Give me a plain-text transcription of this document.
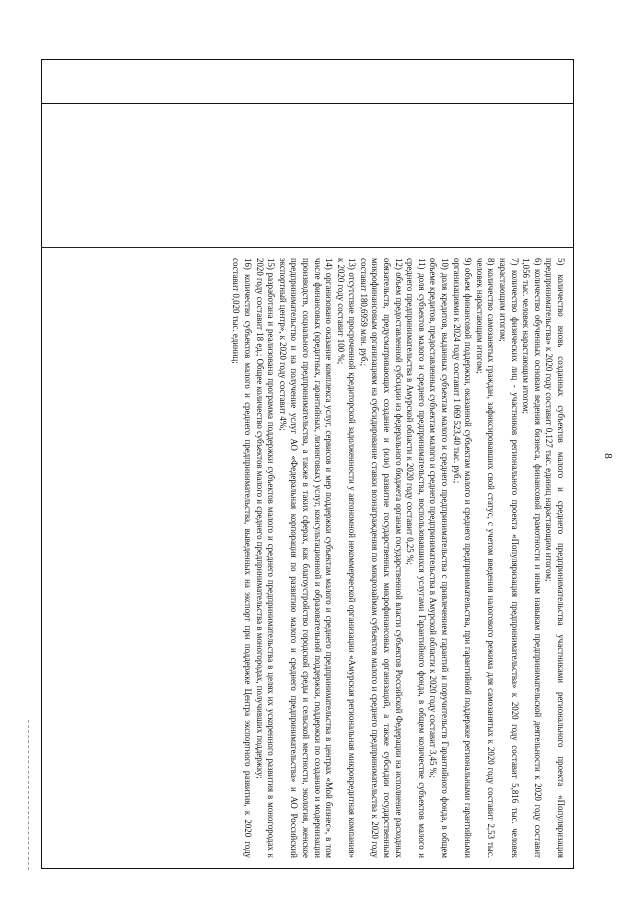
8

5) количество вновь созданных субъектов малого и среднего предпринимательства участниками регионального проекта «Популяризация предпринимательства» к 2020 году составит 0,127 тыс. единиц нарастающим итогом;

6) количество обученных основам ведения бизнеса, финансовой грамотности и иным навыкам предпринимательской деятельности к 2020 году составит 1,056 тыс. человек нарастающим итогом;

7) количество физических лиц - участников регионального проекта «Популяризация предпринимательства» к 2020 году составит 5,816 тыс. человек нарастающим итогом;

8) количество самозанятых граждан, зафиксировавших свой статус, с учетом введения налогового режима для самозанятых к 2020 году составит 2,53 тыс. человек нарастающим итогом;

9) объем финансовой поддержки, оказанной субъектам малого и среднего предпринимательства, при гарантийной поддержке региональными гарантийными организациями к 2024 году составит 1 069 523,40 тыс. руб.;

10) доля кредитов, выданных субъектам малого и среднего предпринимательства с привлечением гарантий и поручительств Гарантийного фонда, в общем объеме кредитов, предоставленных субъектам малого и среднего предпринимательства в Амурской области к 2020 году составит 3,45 %;

11) доля субъектов малого и среднего предпринимательства, воспользовавшихся услугами Гарантийного фонда, в общем количестве субъектов малого и среднего предпринимательства в Амурской области к 2020 году составит 0,25 %;

12) объем предоставленной субсидии из федерального бюджета органам государственной власти субъектов Российской Федерации на исполнение расходных обязательств, предусматривающих создание и (или) развитие государственных микрофинансовых организаций, а также субсидии государственным микрофинансовым организациям на субсидирование ставки вознаграждения по микрозаймам субъектов малого и среднего предпринимательства к 2020 году составит 180,6959 млн. руб.;

13) отсутствие просроченной кредиторской задолженности у автономной некоммерческой организации «Амурская региональная микрокредитная компания» к 2020 году составит 100 %;

14) организовано оказание комплекса услуг, сервисов и мер поддержки субъектам малого и среднего предпринимательства в центрах «Мой бизнес», в том числе финансовых (кредитных, гарантийных, лизинговых) услуг, консультационной и образовательной поддержки, поддержки по созданию и модернизации производств, социального предпринимательства, а также в таких сферах, как благоустройство городской среды и сельской местности, экология, женское предпринимательство и на получение услуг АО «Федеральная корпорация по развитию малого и среднего предпринимательства» и АО Российский экспортный центр», к 2020 году составит 4%;

15) разработана и реализована программа поддержки субъектов малого и среднего предпринимательства в целях их ускоренного развития в моногородах к 2020 году составит 18 ед.; Общее количество субъектов малого и среднего предпринимательства в моногородах, получивших поддержку;

16) количество субъектов малого и среднего предпринимательства, выведенных на экспорт при поддержке Центра экспортного развития, к 2020 году составит 0,020 тыс. единиц;
